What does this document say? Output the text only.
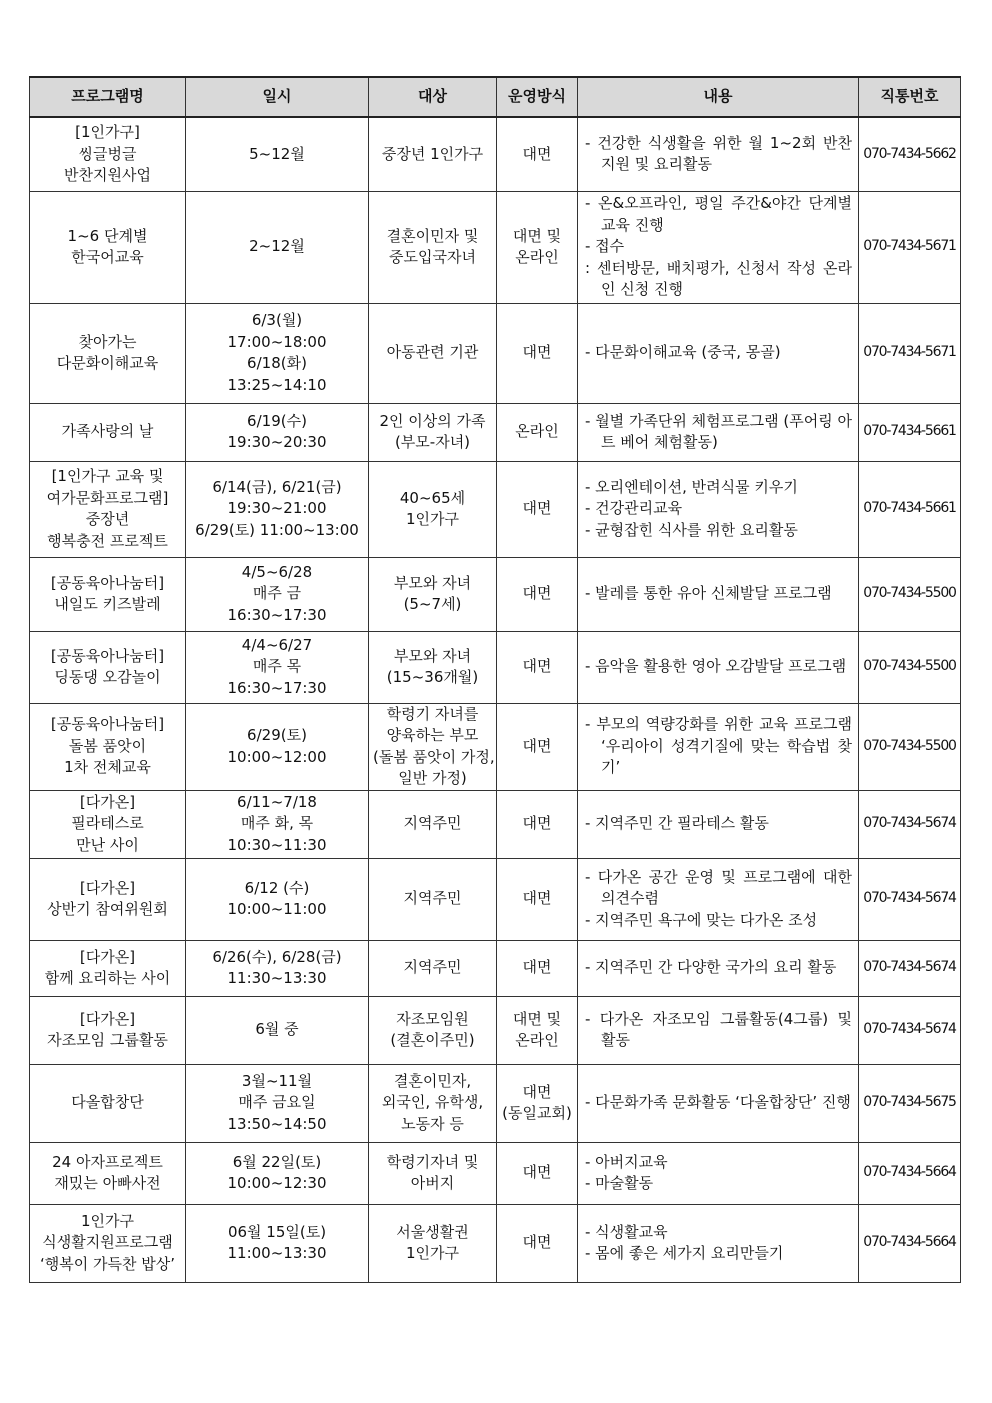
프로그램명	일시	대상	운영방식	내용	직통번호

[1인가구]
씽글벙글
반찬지원사업	5~12월	중장년 1인가구	대면	- 건강한 식생활을 위한 월 1~2회 반찬 지원 및 요리활동	070-7434-5662

1~6 단계별
한국어교육	2~12월	결혼이민자 및
중도입국자녀	대면 및
온라인	- 온&오프라인, 평일 주간&야간 단계별 교육 진행
- 접수
: 센터방문, 배치평가, 신청서 작성 온라인 신청 진행	070-7434-5671

찾아가는
다문화이해교육	6/3(월)
17:00~18:00
6/18(화)
13:25~14:10	아동관련 기관	대면	- 다문화이해교육 (중국, 몽골)	070-7434-5671

가족사랑의 날	6/19(수)
19:30~20:30	2인 이상의 가족
(부모-자녀)	온라인	- 월별 가족단위 체험프로그램 (푸어링 아트 베어 체험활동)	070-7434-5661

[1인가구 교육 및
여가문화프로그램]
중장년
행복충전 프로젝트	6/14(금), 6/21(금)
19:30~21:00
6/29(토) 11:00~13:00	40~65세
1인가구	대면	- 오리엔테이션, 반려식물 키우기
- 건강관리교육
- 균형잡힌 식사를 위한 요리활동	070-7434-5661

[공동육아나눔터]
내일도 키즈발레	4/5~6/28
매주 금
16:30~17:30	부모와 자녀
(5~7세)	대면	- 발레를 통한 유아 신체발달 프로그램	070-7434-5500

[공동육아나눔터]
딩동댕 오감놀이	4/4~6/27
매주 목
16:30~17:30	부모와 자녀
(15~36개월)	대면	- 음악을 활용한 영아 오감발달 프로그램	070-7434-5500

[공동육아나눔터]
돌봄 품앗이
1차 전체교육	6/29(토)
10:00~12:00	학령기 자녀를
양육하는 부모
(돌봄 품앗이 가정,
일반 가정)	대면	- 부모의 역량강화를 위한 교육 프로그램 ‘우리아이 성격기질에 맞는 학습법 찾기’	070-7434-5500

[다가온]
필라테스로
만난 사이	6/11~7/18
매주 화, 목
10:30~11:30	지역주민	대면	- 지역주민 간 필라테스 활동	070-7434-5674

[다가온]
상반기 참여위원회	6/12 (수)
10:00~11:00	지역주민	대면	- 다가온 공간 운영 및 프로그램에 대한 의견수렴
- 지역주민 욕구에 맞는 다가온 조성	070-7434-5674

[다가온]
함께 요리하는 사이	6/26(수), 6/28(금)
11:30~13:30	지역주민	대면	- 지역주민 간 다양한 국가의 요리 활동	070-7434-5674

[다가온]
자조모임 그룹활동	6월 중	자조모임원
(결혼이주민)	대면 및
온라인	- 다가온 자조모임 그룹활동(4그룹) 및 활동	070-7434-5674

다올합창단	3월~11월
매주 금요일
13:50~14:50	결혼이민자,
외국인, 유학생,
노동자 등	대면
(동일교회)	- 다문화가족 문화활동 ‘다올합창단’ 진행	070-7434-5675

24 아자프로젝트
재밌는 아빠사전	6월 22일(토)
10:00~12:30	학령기자녀 및
아버지	대면	- 아버지교육
- 마술활동	070-7434-5664

1인가구
식생활지원프로그램
‘행복이 가득찬 밥상’	06월 15일(토)
11:00~13:30	서울생활권
1인가구	대면	- 식생활교육
- 몸에 좋은 세가지 요리만들기	070-7434-5664
